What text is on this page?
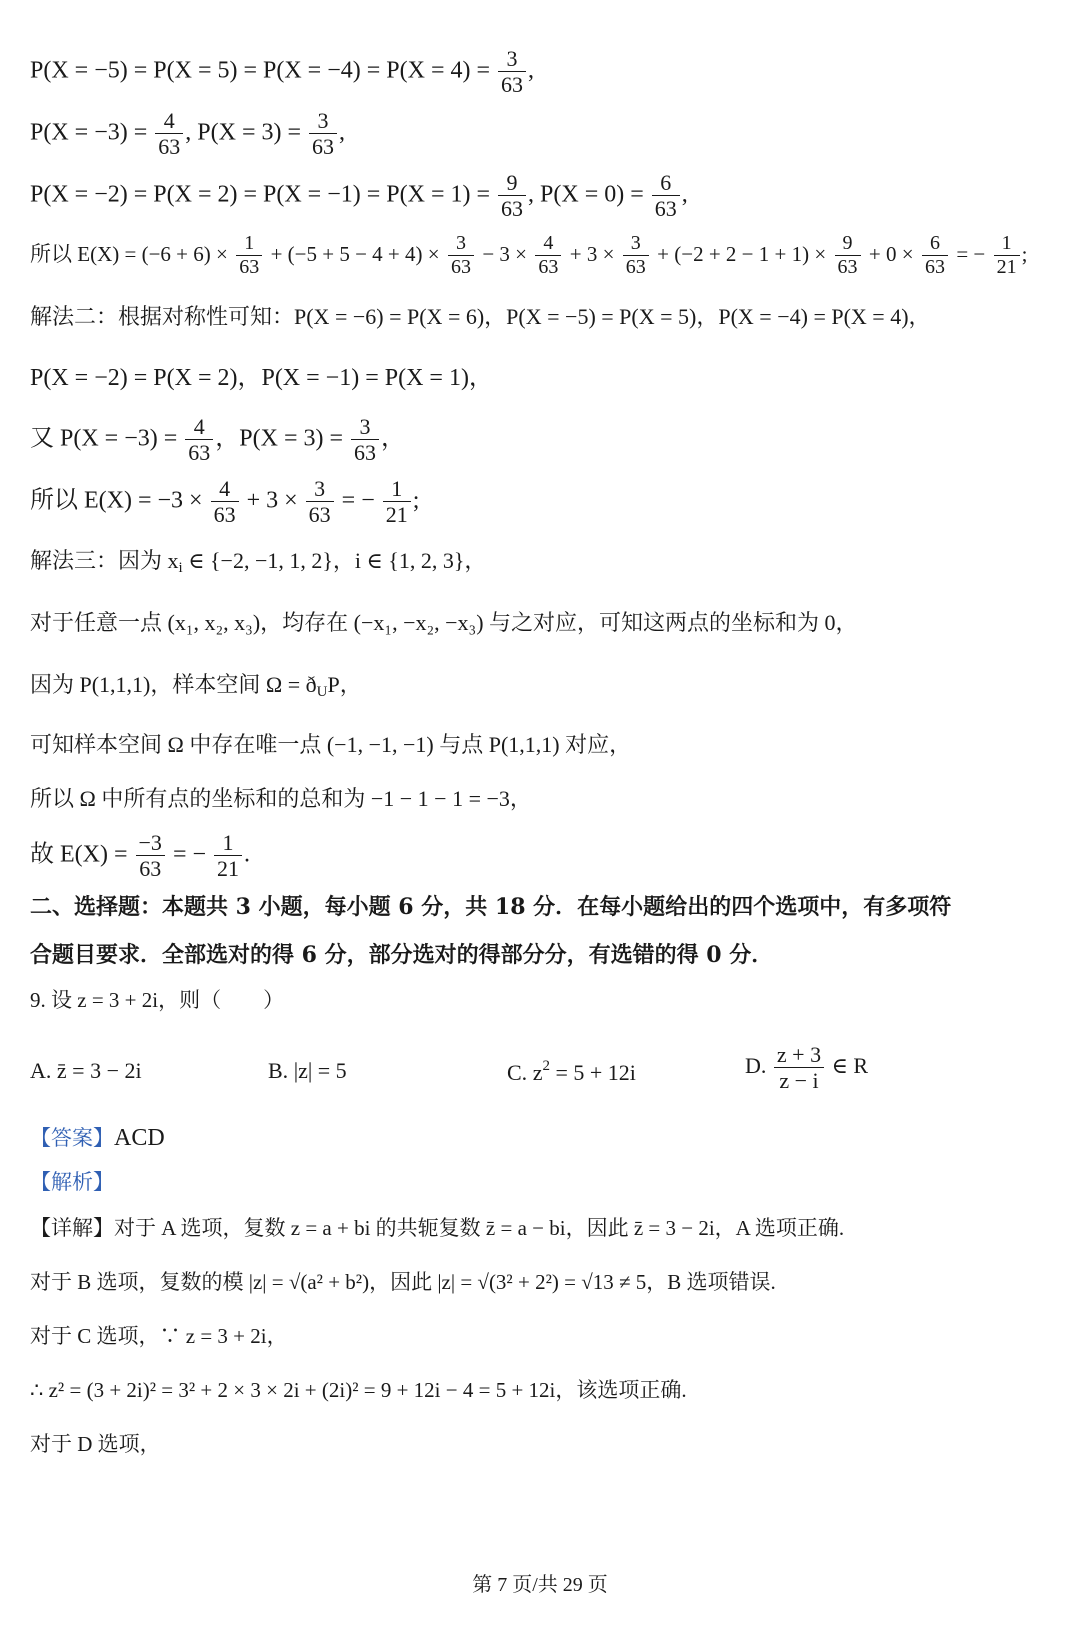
$P(X = -5) = P(X = 5) = P(X = -4) = P(X = 4) = \frac{3}{63}$ ,
$P(X = -3) = \frac{4}{63}$ , $P(X = 3) = \frac{3}{63}$ ,
$P(X = -2) = P(X = 2) = P(X = -1) = P(X = 1) = \frac{9}{63}$ , $P(X = 0) = \frac{6}{63}$ ,
所以 $E(X) = (-6 + 6) \times \frac{1}{63} + (-5 + 5 - 4 + 4) \times \frac{3}{63} - 3 \times \frac{4}{63} + 3 \times \frac{3}{63} + (-2 + 2 - 1 + 1) \times \frac{9}{63} + 0 \times \frac{6}{63}$ = − $\frac{1}{21}$ ;
解法二：根据对称性可知：P(X = −6) = P(X = 6)，P(X = −5) = P(X = 5)，P(X = −4) = P(X = 4)，
P(X = −2) = P(X = 2)，P(X = −1) = P(X = 1)，
又 $P(X = -3) = \frac{4}{63}$ ，$P(X = 3) = \frac{3}{63}$ ，
所以 $E(X) = -3 \times \frac{4}{63} + 3 \times \frac{3}{63}$ = − $\frac{1}{21}$ ;
解法三：因为 $x_i$ ∈ {−2, −1, 1, 2}，i ∈ {1, 2, 3}，
对于任意一点 (x₁, x₂, x₃)，均存在 (−x₁, −x₂, −x₃) 与之对应，可知这两点的坐标和为 0，
因为 P(1,1,1)，样本空间 $\Omega = ð_UP$，
可知样本空间 Ω 中存在唯一点 (−1, −1, −1) 与点 P(1,1,1) 对应，
所以 Ω 中所有点的坐标和的总和为 −1 − 1 − 1 = −3，
故 $E(X) = \frac{-3}{63}$ = − $\frac{1}{21}$ .
二、选择题：本题共 3 小题，每小题 6 分，共 18 分．在每小题给出的四个选项中，有多项符
合题目要求．全部选对的得 6 分，部分选对的得部分分，有选错的得 0 分．
9. 设 z = 3 + 2i，则（　　）
A. z̄ = 3 − 2i	B. |z| = 5	C. $z^2 = 5 + 12i$	D. $\frac{z + 3}{z - i}$ ∈ R
【答案】ACD
【解析】
【详解】对于 A 选项，复数 z = a + bi 的共轭复数 z̄ = a − bi，因此 z̄ = 3 − 2i，A 选项正确.
对于 B 选项，复数的模 |z| = √(a² + b²)，因此 |z| = √(3² + 2²) = √13 ≠ 5，B 选项错误.
对于 C 选项，∵ z = 3 + 2i，
∴ z² = (3 + 2i)² = 3² + 2 × 3 × 2i + (2i)² = 9 + 12i − 4 = 5 + 12i，该选项正确.
对于 D 选项，
第 7 页/共 29 页
